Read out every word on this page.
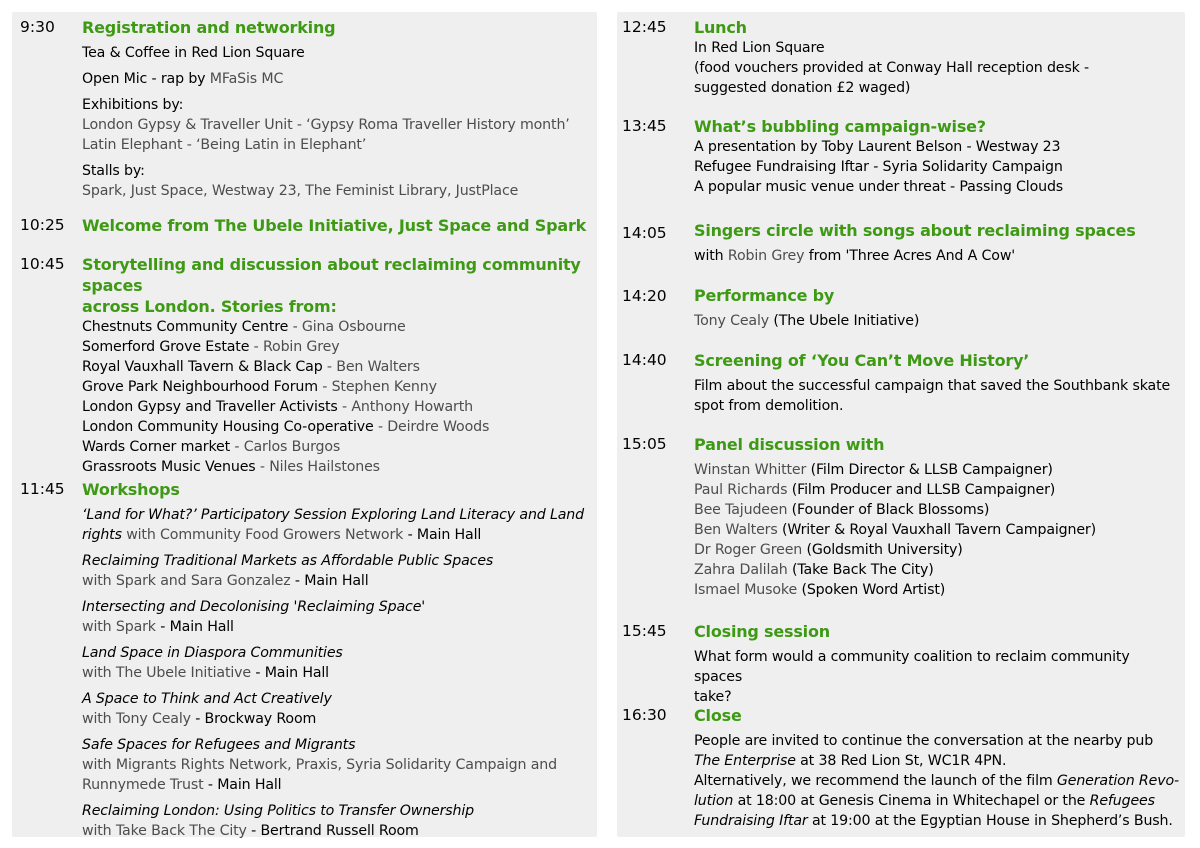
9:30	Registration and networking
Tea & Coffee in Red Lion Square
Open Mic - rap by MFaSis MC
Exhibitions by:
London Gypsy & Traveller Unit - ‘Gypsy Roma Traveller History month’
Latin Elephant - ‘Being Latin in Elephant’
Stalls by:
Spark, Just Space, Westway 23, The Feminist Library, JustPlace
10:25	Welcome from The Ubele Initiative, Just Space and Spark
10:45	Storytelling and discussion about reclaiming community spaces
across London. Stories from:
Chestnuts Community Centre - Gina Osbourne
Somerford Grove Estate - Robin Grey
Royal Vauxhall Tavern & Black Cap - Ben Walters
Grove Park Neighbourhood Forum - Stephen Kenny
London Gypsy and Traveller Activists - Anthony Howarth
London Community Housing Co-operative - Deirdre Woods
Wards Corner market - Carlos Burgos
Grassroots Music Venues - Niles Hailstones
11:45	Workshops
‘Land for What?’ Participatory Session Exploring Land Literacy and Land
rights with Community Food Growers Network - Main Hall
Reclaiming Traditional Markets as Affordable Public Spaces
with Spark and Sara Gonzalez - Main Hall
Intersecting and Decolonising 'Reclaiming Space'
with Spark - Main Hall
Land Space in Diaspora Communities
with The Ubele Initiative - Main Hall
A Space to Think and Act Creatively
with Tony Cealy - Brockway Room
Safe Spaces for Refugees and Migrants
with Migrants Rights Network, Praxis, Syria Solidarity Campaign and
Runnymede Trust - Main Hall
Reclaiming London: Using Politics to Transfer Ownership
with Take Back The City - Bertrand Russell Room
12:45	Lunch
In Red Lion Square
(food vouchers provided at Conway Hall reception desk -
suggested donation £2 waged)
13:45	What’s bubbling campaign-wise?
A presentation by Toby Laurent Belson - Westway 23
Refugee Fundraising Iftar - Syria Solidarity Campaign
A popular music venue under threat - Passing Clouds
14:05	Singers circle with songs about reclaiming spaces
with Robin Grey from 'Three Acres And A Cow'
14:20	Performance by
Tony Cealy (The Ubele Initiative)
14:40	Screening of ‘You Can’t Move History’
Film about the successful campaign that saved the Southbank skate
spot from demolition.
15:05	Panel discussion with
Winstan Whitter (Film Director & LLSB Campaigner)
Paul Richards (Film Producer and LLSB Campaigner)
Bee Tajudeen (Founder of Black Blossoms)
Ben Walters (Writer & Royal Vauxhall Tavern Campaigner)
Dr Roger Green (Goldsmith University)
Zahra Dalilah (Take Back The City)
Ismael Musoke (Spoken Word Artist)
15:45	Closing session
What form would a community coalition to reclaim community spaces
take?
16:30	Close
People are invited to continue the conversation at the nearby pub
The Enterprise at 38 Red Lion St, WC1R 4PN.
Alternatively, we recommend the launch of the film Generation Revo-
lution at 18:00 at Genesis Cinema in Whitechapel or the Refugees
Fundraising Iftar at 19:00 at the Egyptian House in Shepherd’s Bush.
